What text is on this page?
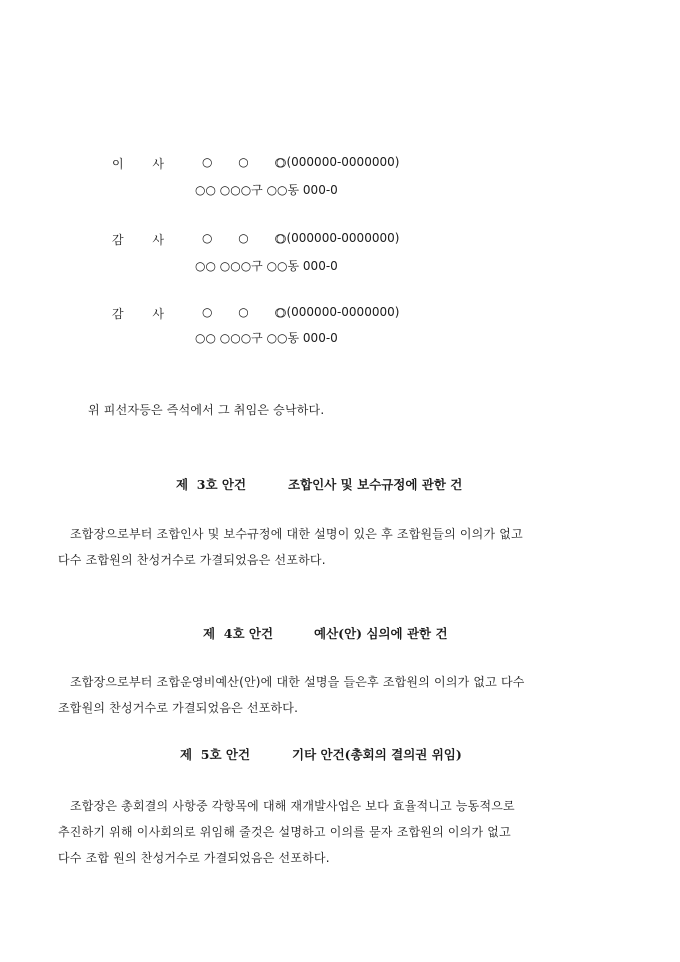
이 사	○ ○ ○
○(000000-0000000)
○○ ○○○구 ○○동 000-0
감 사	○ ○ ○
○(000000-0000000)
○○ ○○○구 ○○동 000-0
감 사	○ ○ ○
○(000000-0000000)
○○ ○○○구 ○○동 000-0
위 피선자등은 즉석에서 그 취임은 승낙하다.
제  3호 안건	조합인사 및 보수규정에 관한 건
조합장으로부터 조합인사 및 보수규정에 대한 설명이 있은 후 조합원들의 이의가 없고
다수 조합원의 찬성거수로 가결되었음은 선포하다.
제  4호 안건	예산(안) 심의에 관한 건
조합장으로부터 조합운영비예산(안)에 대한 설명을 들은후 조합원의 이의가 없고 다수
조합원의 찬성거수로 가결되었음은 선포하다.
제  5호 안건	기타 안건(총회의 결의권 위임)
조합장은 총회결의 사항중 각항목에 대해 재개발사업은 보다 효율적니고 능동적으로
추진하기 위해 이사회의로 위임해 줄것은 설명하고 이의를 묻자 조합원의 이의가 없고
다수 조합 원의 찬성거수로 가결되었음은 선포하다.
